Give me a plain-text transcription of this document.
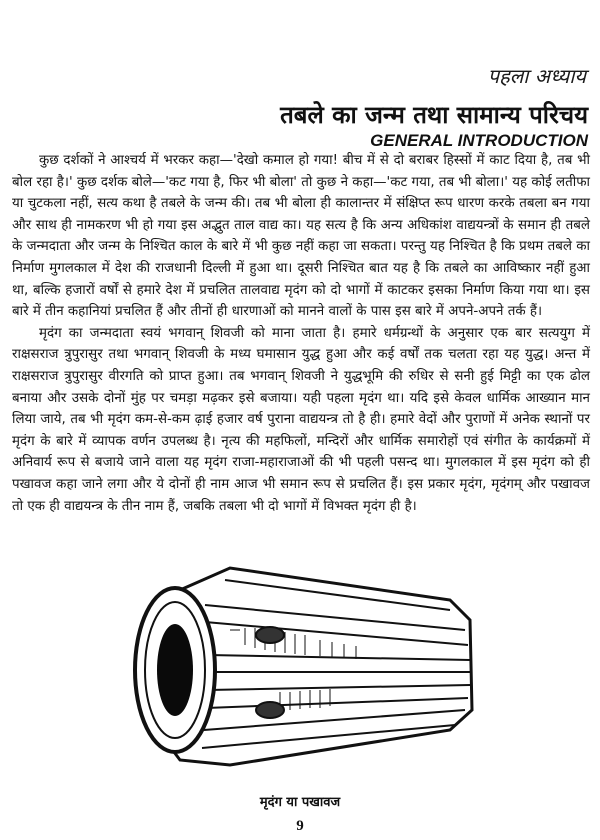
पहला अध्याय
तबले का जन्म तथा सामान्य परिचय
GENERAL INTRODUCTION

कुछ दर्शकों ने आश्चर्य में भरकर कहा—'देखो कमाल हो गया! बीच में से दो बराबर हिस्सों में काट दिया है, तब भी बोल रहा है।' कुछ दर्शक बोले—'कट गया है, फिर भी बोला' तो कुछ ने कहा—'कट गया, तब भी बोला।' यह कोई लतीफा या चुटकला नहीं, सत्य कथा है तबले के जन्म की। तब भी बोला ही कालान्तर में संक्षिप्त रूप धारण करके तबला बन गया और साथ ही नामकरण भी हो गया इस अद्भुत ताल वाद्य का। यह सत्य है कि अन्य अधिकांश वाद्ययन्त्रों के समान ही तबले के जन्मदाता और जन्म के निश्चित काल के बारे में भी कुछ नहीं कहा जा सकता। परन्तु यह निश्चित है कि प्रथम तबले का निर्माण मुगलकाल में देश की राजधानी दिल्ली में हुआ था। दूसरी निश्चित बात यह है कि तबले का आविष्कार नहीं हुआ था, बल्कि हजारों वर्षों से हमारे देश में प्रचलित तालवाद्य मृदंग को दो भागों में काटकर इसका निर्माण किया गया था। इस बारे में तीन कहानियां प्रचलित हैं और तीनों ही धारणाओं को मानने वालों के पास इस बारे में अपने-अपने तर्क हैं।

मृदंग का जन्मदाता स्वयं भगवान् शिवजी को माना जाता है। हमारे धर्मग्रन्थों के अनुसार एक बार सत्ययुग में राक्षसराज त्रुपुरासुर तथा भगवान् शिवजी के मध्य घमासान युद्ध हुआ और कई वर्षों तक चलता रहा यह युद्ध। अन्त में राक्षसराज त्रुपुरासुर वीरगति को प्राप्त हुआ। तब भगवान् शिवजी ने युद्धभूमि की रुधिर से सनी हुई मिट्टी का एक ढोल बनाया और उसके दोनों मुंह पर चमड़ा मढ़कर इसे बजाया। यही पहला मृदंग था। यदि इसे केवल धार्मिक आख्यान मान लिया जाये, तब भी मृदंग कम-से-कम ढ़ाई हजार वर्ष पुराना वाद्ययन्त्र तो है ही। हमारे वेदों और पुराणों में अनेक स्थानों पर मृदंग के बारे में व्यापक वर्णन उपलब्ध है। नृत्य की महफिलों, मन्दिरों और धार्मिक समारोहों एवं संगीत के कार्यक्रमों में अनिवार्य रूप से बजाये जाने वाला यह मृदंग राजा-महाराजाओं की भी पहली पसन्द था। मुगलकाल में इस मृदंग को ही पखावज कहा जाने लगा और ये दोनों ही नाम आज भी समान रूप से प्रचलित हैं। इस प्रकार मृदंग, मृदंगम् और पखावज तो एक ही वाद्ययन्त्र के तीन नाम हैं, जबकि तबला भी दो भागों में विभक्त मृदंग ही है।

मृदंग या पखावज
9
